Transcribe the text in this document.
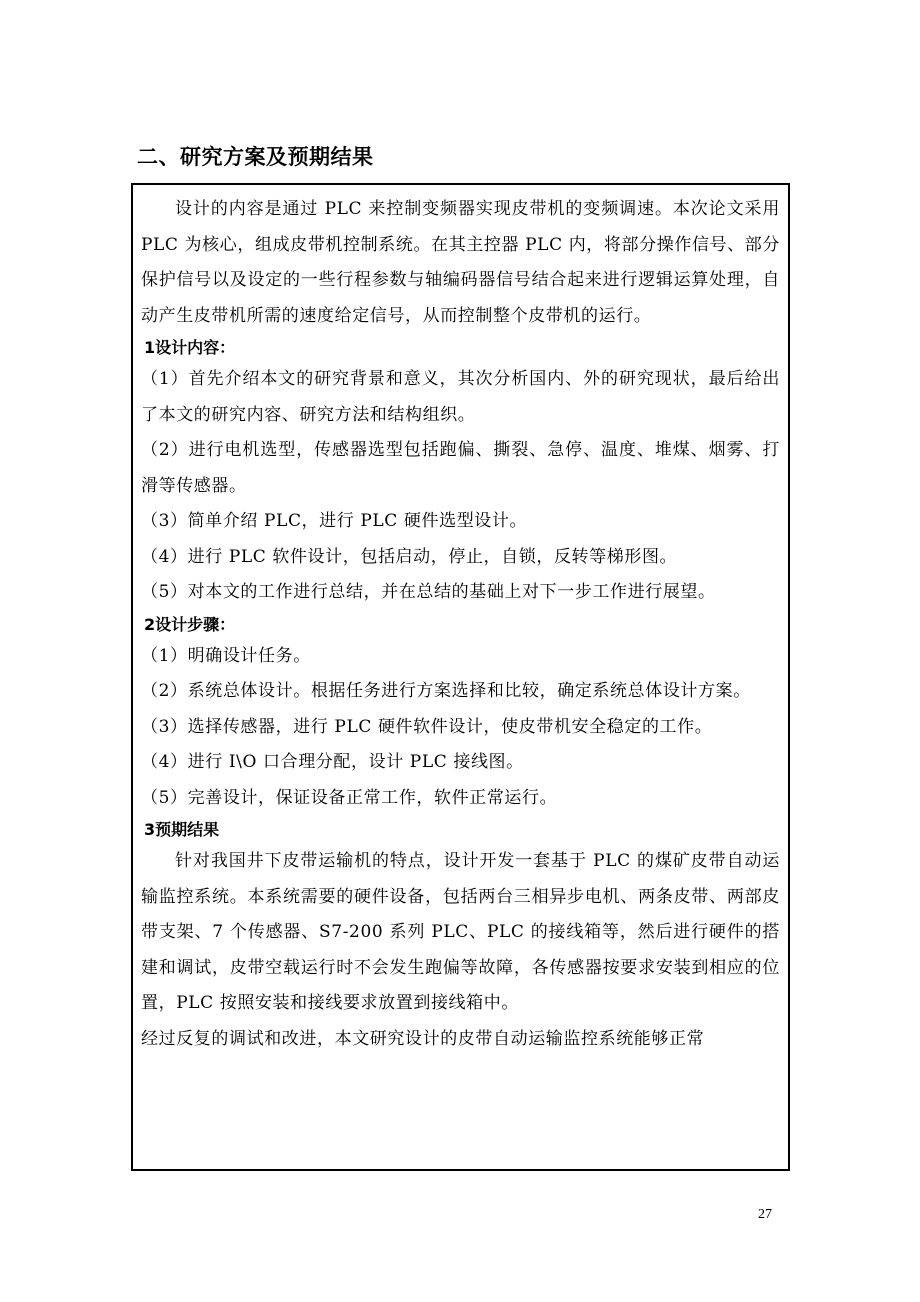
二、研究方案及预期结果

设计的内容是通过 PLC 来控制变频器实现皮带机的变频调速。本次论文采用 PLC 为核心，组成皮带机控制系统。在其主控器 PLC 内，将部分操作信号、部分保护信号以及设定的一些行程参数与轴编码器信号结合起来进行逻辑运算处理，自动产生皮带机所需的速度给定信号，从而控制整个皮带机的运行。

1设计内容：

（1）首先介绍本文的研究背景和意义，其次分析国内、外的研究现状，最后给出了本文的研究内容、研究方法和结构组织。

（2）进行电机选型，传感器选型包括跑偏、撕裂、急停、温度、堆煤、烟雾、打滑等传感器。

（3）简单介绍 PLC，进行 PLC 硬件选型设计。

（4）进行 PLC 软件设计，包括启动，停止，自锁，反转等梯形图。

（5）对本文的工作进行总结，并在总结的基础上对下一步工作进行展望。

2设计步骤：

（1）明确设计任务。

（2）系统总体设计。根据任务进行方案选择和比较，确定系统总体设计方案。

（3）选择传感器，进行 PLC 硬件软件设计，使皮带机安全稳定的工作。

（4）进行 I\O 口合理分配，设计 PLC 接线图。

（5）完善设计，保证设备正常工作，软件正常运行。

3预期结果

针对我国井下皮带运输机的特点，设计开发一套基于 PLC 的煤矿皮带自动运输监控系统。本系统需要的硬件设备，包括两台三相异步电机、两条皮带、两部皮带支架、7 个传感器、S7-200 系列 PLC、PLC 的接线箱等，然后进行硬件的搭建和调试，皮带空载运行时不会发生跑偏等故障，各传感器按要求安装到相应的位置，PLC 按照安装和接线要求放置到接线箱中。

经过反复的调试和改进，本文研究设计的皮带自动运输监控系统能够正常

27
